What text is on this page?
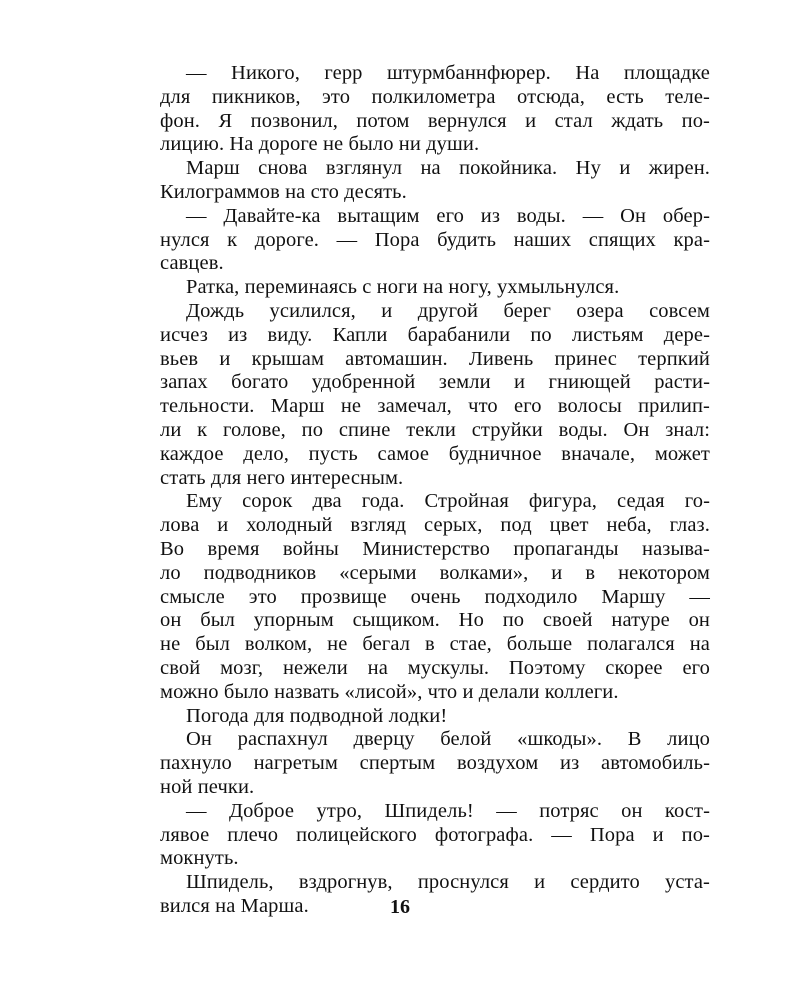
— Никого, герр штурмбаннфюрер. На площадке
для пикников, это полкилометра отсюда, есть теле-
фон. Я позвонил, потом вернулся и стал ждать по-
лицию. На дороге не было ни души.
Марш снова взглянул на покойника. Ну и жирен.
Килограммов на сто десять.
— Давайте-ка вытащим его из воды. — Он обер-
нулся к дороге. — Пора будить наших спящих кра-
савцев.
Ратка, переминаясь с ноги на ногу, ухмыльнулся.
Дождь усилился, и другой берег озера совсем
исчез из виду. Капли барабанили по листьям дере-
вьев и крышам автомашин. Ливень принес терпкий
запах богато удобренной земли и гниющей расти-
тельности. Марш не замечал, что его волосы прилип-
ли к голове, по спине текли струйки воды. Он знал:
каждое дело, пусть самое будничное вначале, может
стать для него интересным.
Ему сорок два года. Стройная фигура, седая го-
лова и холодный взгляд серых, под цвет неба, глаз.
Во время войны Министерство пропаганды называ-
ло подводников «серыми волками», и в некотором
смысле это прозвище очень подходило Маршу —
он был упорным сыщиком. Но по своей натуре он
не был волком, не бегал в стае, больше полагался на
свой мозг, нежели на мускулы. Поэтому скорее его
можно было назвать «лисой», что и делали коллеги.
Погода для подводной лодки!
Он распахнул дверцу белой «шкоды». В лицо
пахнуло нагретым спертым воздухом из автомобиль-
ной печки.
— Доброе утро, Шпидель! — потряс он кост-
лявое плечо полицейского фотографа. — Пора и по-
мокнуть.
Шпидель, вздрогнув, проснулся и сердито уста-
вился на Марша.	16
